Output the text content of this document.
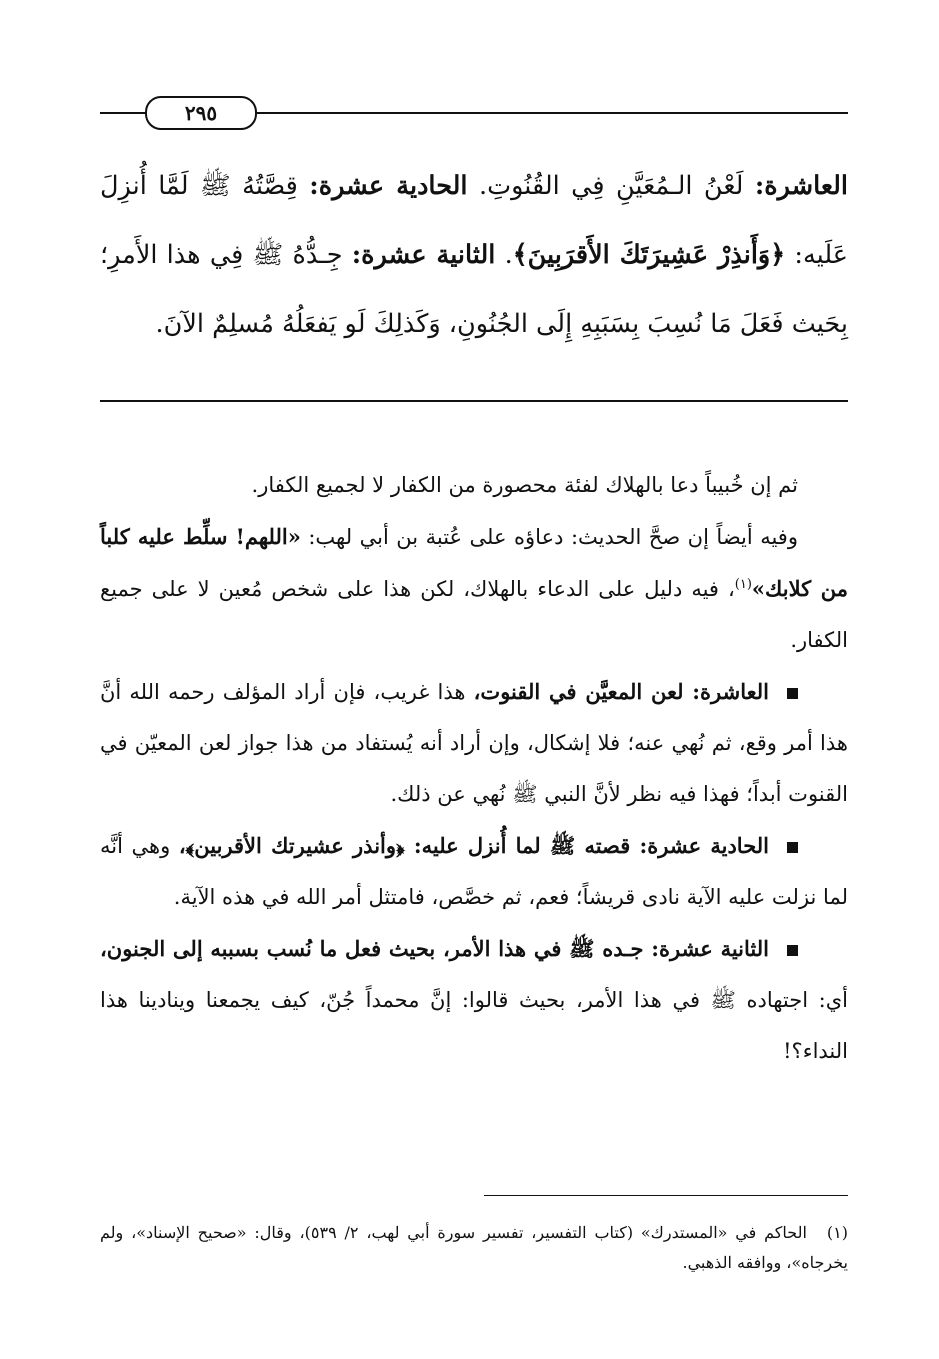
٢٩٥
العاشرة: لَعْنُ الـمُعَيَّنِ فِي القُنُوتِ. الحادية عشرة: قِصَّتُهُ ﷺ لَمَّا أُنزِلَ عَلَيه: ﴿وَأَنذِرْ عَشِيرَتَكَ الأَقرَبِينَ﴾. الثانية عشرة: جِـدُّهُ ﷺ فِي هذا الأَمرِ؛ بِحَيث فَعَلَ مَا نُسِبَ بِسَبَبِهِ إِلَى الجُنُونِ، وَكَذلِكَ لَو يَفعَلُهُ مُسلِمٌ الآنَ.

ثم إن خُبيباً دعا بالهلاك لفئة محصورة من الكفار لا لجميع الكفار.

وفيه أيضاً إن صحَّ الحديث: دعاؤه على عُتبة بن أبي لهب: «اللهم! سلِّط عليه كلباً من كلابك»$^{(١)}$، فيه دليل على الدعاء بالهلاك، لكن هذا على شخص مُعين لا على جميع الكفار.

العاشرة: لعن المعيَّن في القنوت، هذا غريب، فإن أراد المؤلف رحمه الله أنَّ هذا أمر وقع، ثم نُهي عنه؛ فلا إشكال، وإن أراد أنه يُستفاد من هذا جواز لعن المعيّن في القنوت أبداً؛ فهذا فيه نظر لأنَّ النبي ﷺ نُهي عن ذلك.

الحادية عشرة: قصته ﷺ لما أُنزل عليه: ﴿وأنذر عشيرتك الأقربين﴾، وهي أنَّه لما نزلت عليه الآية نادى قريشاً؛ فعم، ثم خصَّص، فامتثل أمر الله في هذه الآية.

الثانية عشرة: جـده ﷺ في هذا الأمر، بحيث فعل ما نُسب بسببه إلى الجنون، أي: اجتهاده ﷺ في هذا الأمر، بحيث قالوا: إنَّ محمداً جُنّ، كيف يجمعنا وينادينا هذا النداء؟!

(١)الحاكم في «المستدرك» (كتاب التفسير، تفسير سورة أبي لهب، ٢/ ٥٣٩)، وقال: «صحيح الإسناد»، ولم يخرجاه»، ووافقه الذهبي.
